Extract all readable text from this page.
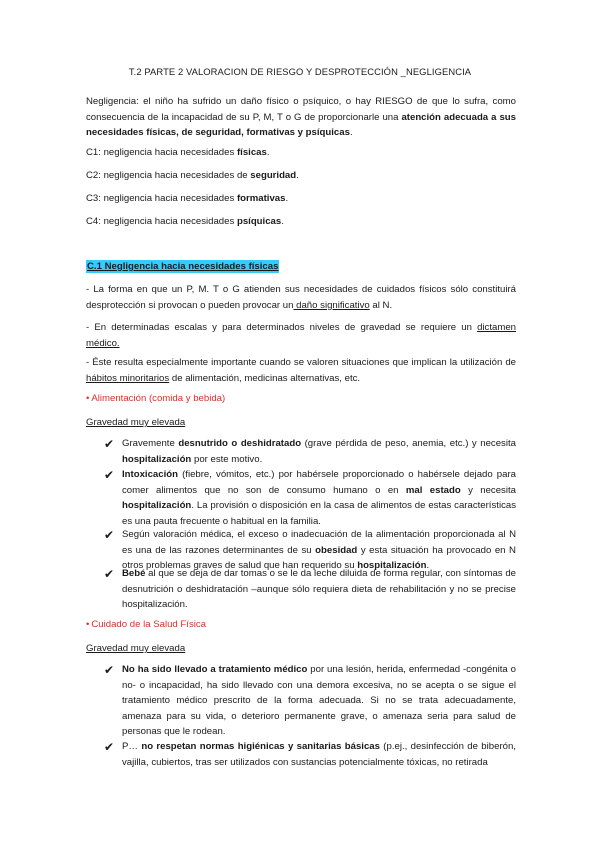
T.2 PARTE 2 VALORACION DE RIESGO Y DESPROTECCIÓN _NEGLIGENCIA
Negligencia: el niño ha sufrido un daño físico o psíquico, o hay RIESGO de que lo sufra, como consecuencia de la incapacidad de su P, M, T o G de proporcionarle una atención adecuada a sus necesidades físicas, de seguridad, formativas y psíquicas.
C1: negligencia hacia necesidades físicas.
C2: negligencia hacia necesidades de seguridad.
C3: negligencia hacia necesidades formativas.
C4: negligencia hacia necesidades psíquicas.
C.1 Negligencia hacia necesidades físicas
- La forma en que un P, M. T o G atienden sus necesidades de cuidados físicos sólo constituirá desprotección si provocan o pueden provocar un daño significativo al N.
- En determinadas escalas y para determinados niveles de gravedad se requiere un dictamen médico.
- Éste resulta especialmente importante cuando se valoren situaciones que implican la utilización de hábitos minoritarios de alimentación, medicinas alternativas, etc.
• Alimentación (comida y bebida)
Gravedad muy elevada
✔ Gravemente desnutrido o deshidratado (grave pérdida de peso, anemia, etc.) y necesita hospitalización por este motivo.
✔ Intoxicación (fiebre, vómitos, etc.) por habérsele proporcionado o habérsele dejado para comer alimentos que no son de consumo humano o en mal estado y necesita hospitalización. La provisión o disposición en la casa de alimentos de estas características es una pauta frecuente o habitual en la familia.
✔ Según valoración médica, el exceso o inadecuación de la alimentación proporcionada al N es una de las razones determinantes de su obesidad y esta situación ha provocado en N otros problemas graves de salud que han requerido su hospitalización.
✔ Bebé al que se deja de dar tomas o se le da leche diluida de forma regular, con síntomas de desnutrición o deshidratación –aunque sólo requiera dieta de rehabilitación y no se precise hospitalización.
• Cuidado de la Salud Física
Gravedad muy elevada
✔ No ha sido llevado a tratamiento médico por una lesión, herida, enfermedad -congénita o no- o incapacidad, ha sido llevado con una demora excesiva, no se acepta o se sigue el tratamiento médico prescrito de la forma adecuada. Si no se trata adecuadamente, amenaza para su vida, o deterioro permanente grave, o amenaza seria para salud de personas que le rodean.
✔ P… no respetan normas higiénicas y sanitarias básicas (p.ej., desinfección de biberón, vajilla, cubiertos, tras ser utilizados con sustancias potencialmente tóxicas, no retirada
